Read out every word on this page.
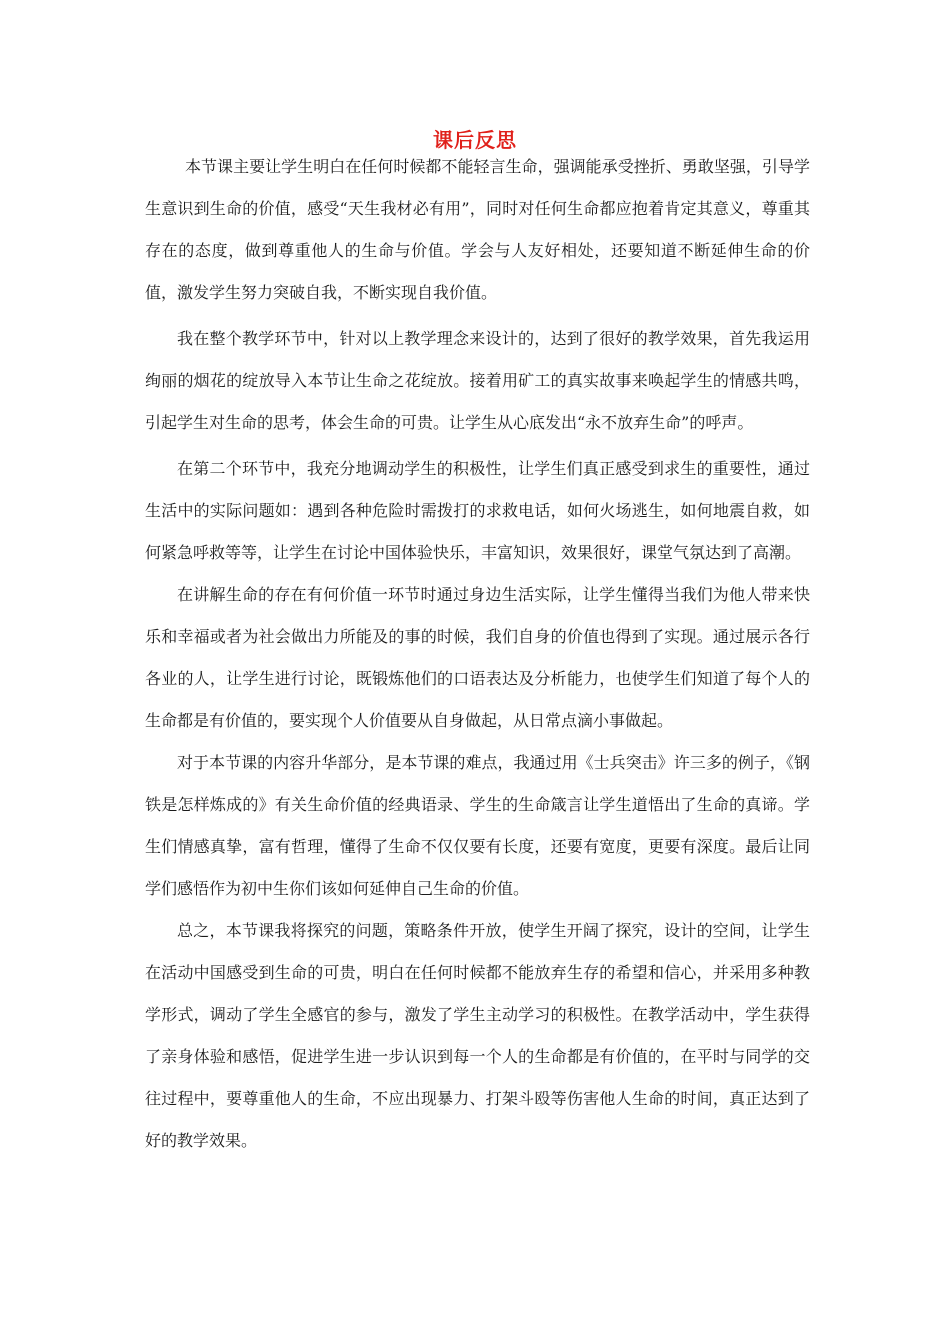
课后反思

本节课主要让学生明白在任何时候都不能轻言生命，强调能承受挫折、勇敢坚强，引导学生意识到生命的价值，感受“天生我材必有用”，同时对任何生命都应抱着肯定其意义，尊重其存在的态度，做到尊重他人的生命与价值。学会与人友好相处，还要知道不断延伸生命的价值，激发学生努力突破自我，不断实现自我价值。

我在整个教学环节中，针对以上教学理念来设计的，达到了很好的教学效果，首先我运用绚丽的烟花的绽放导入本节让生命之花绽放。接着用矿工的真实故事来唤起学生的情感共鸣，引起学生对生命的思考，体会生命的可贵。让学生从心底发出“永不放弃生命”的呼声。

在第二个环节中，我充分地调动学生的积极性，让学生们真正感受到求生的重要性，通过生活中的实际问题如：遇到各种危险时需拨打的求救电话，如何火场逃生，如何地震自救，如何紧急呼救等等，让学生在讨论中国体验快乐，丰富知识，效果很好，课堂气氛达到了高潮。

在讲解生命的存在有何价值一环节时通过身边生活实际，让学生懂得当我们为他人带来快乐和幸福或者为社会做出力所能及的事的时候，我们自身的价值也得到了实现。通过展示各行各业的人，让学生进行讨论，既锻炼他们的口语表达及分析能力，也使学生们知道了每个人的生命都是有价值的，要实现个人价值要从自身做起，从日常点滴小事做起。

对于本节课的内容升华部分，是本节课的难点，我通过用《士兵突击》许三多的例子，《钢铁是怎样炼成的》有关生命价值的经典语录、学生的生命箴言让学生道悟出了生命的真谛。学生们情感真挚，富有哲理，懂得了生命不仅仅要有长度，还要有宽度，更要有深度。最后让同学们感悟作为初中生你们该如何延伸自己生命的价值。

总之，本节课我将探究的问题，策略条件开放，使学生开阔了探究，设计的空间，让学生在活动中国感受到生命的可贵，明白在任何时候都不能放弃生存的希望和信心，并采用多种教学形式，调动了学生全感官的参与，激发了学生主动学习的积极性。在教学活动中，学生获得了亲身体验和感悟，促进学生进一步认识到每一个人的生命都是有价值的，在平时与同学的交往过程中，要尊重他人的生命，不应出现暴力、打架斗殴等伤害他人生命的时间，真正达到了好的教学效果。
